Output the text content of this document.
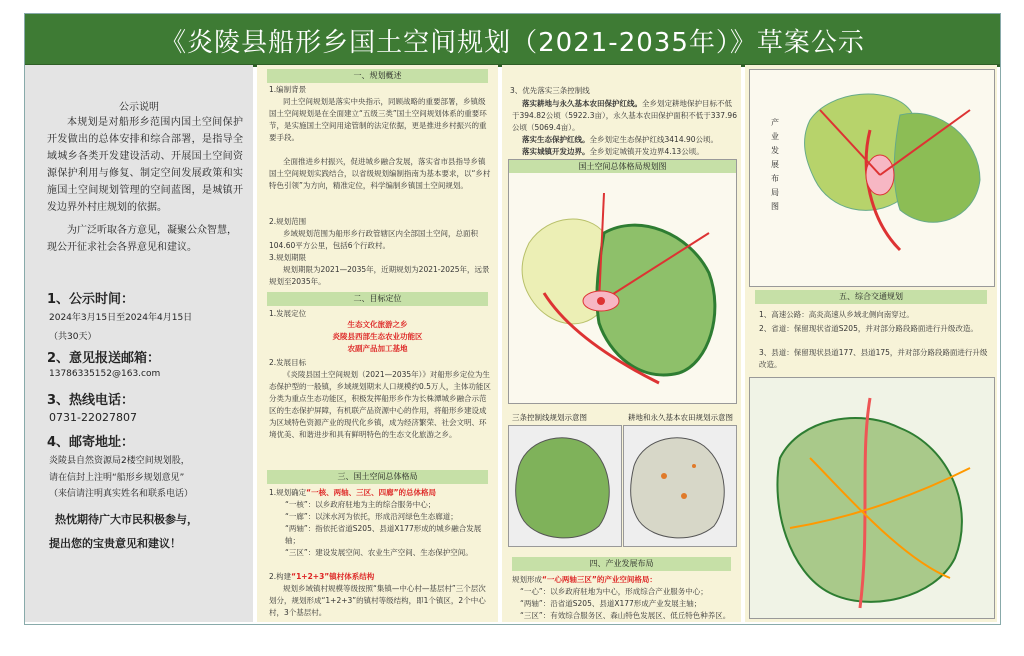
《炎陵县船形乡国土空间规划（2021-2035年）》草案公示
公示说明
本规划是对船形乡范围内国土空间保护开发做出的总体安排和综合部署，是指导全域城乡各类开发建设活动、开展国土空间资源保护利用与修复、制定空间发展政策和实施国土空间规划管理的空间蓝图，是城镇开发边界外村庄规划的依据。
为广泛听取各方意见，凝聚公众智慧，现公开征求社会各界意见和建议。
1、公示时间：
2024年3月15日至2024年4月15日
（共30天）
2、意见报送邮箱：
13786335152@163.com
3、热线电话：
0731-22027807
4、邮寄地址：
炎陵县自然资源局2楼空间规划股，
请在信封上注明“船形乡规划意见”
（来信请注明真实姓名和联系电话）
热忱期待广大市民积极参与，
提出您的宝贵意见和建议！
一、规划概述
1.编制背景
同土空间规划是落实中央指示，同顾战略的重要部署，乡镇级国土空间规划是在全面建立“五级三类”国土空间规划体系的重要环节，是实施国土空间用途管制的法定依据，更是推进乡村振兴的重要手段。
全面推进乡村振兴，促进城乡融合发展，落实省市县指导乡镇国土空间规划实践结合，以省级规划编制指南为基本要求，以“乡村特色引领”为方向，精准定位，科学编制乡镇国土空间规划。
2.规划范围
乡域规划范围为船形乡行政管辖区内全部国土空间，总面积104.60平方公里，包括6个行政村。
3.规划期限
规划期限为2021—2035年，近期规划为2021-2025年，远景规划至2035年。
二、目标定位
1.发展定位
生态文化旅游之乡
炎陵县西部生态农业功能区
农副产品加工基地
2.发展目标
《炎陵县国土空间规划（2021—2035年）》对船形乡定位为生态保护型的一般镇，乡域规划期末人口规模约0.5万人，主体功能区分类为重点生态功能区，积极发挥船形乡作为长株潭城乡融合示范区的生态保护屏障，有机联产品资源中心的作用，将船形乡建设成为区域特色资源产业的现代化乡镇，成为经济繁荣、社会文明、环境优美、和谐进步和具有鲜明特色的生态文化旅游之乡。
三、国土空间总体格局
1.规划确定“一核、两轴、三区、四廊”的总体格局
“一核”：以乡政府驻地为主的综合服务中心；
“一廊”：以洣水河为依托，形成沿河绿色生态廊道；
“两轴”：指依托省道S205、县道X177形成的城乡融合发展轴；
“三区”：建设发展空间、农业生产空间、生态保护空间。
2.构建“1+2+3”镇村体系结构
规划乡域镇村规模等级按照“集镇—中心村—基层村”三个层次划分，规划形成“1+2+3”的镇村等级结构，即1个镇区，2个中心村，3个基层村。
3、优先落实三条控制线
落实耕地与永久基本农田保护红线。全乡划定耕地保护目标不低于394.82公顷（5922.3亩），永久基本农田保护面积不低于337.96公顷（5069.4亩）。
落实生态保护红线。全乡划定生态保护红线3414.90公顷。
落实城镇开发边界。全乡划定城镇开发边界4.13公顷。
国土空间总体格局规划图
三条控制线规划示意图	耕地和永久基本农田规划示意图
四、产业发展布局
规划形成“一心两轴三区”的产业空间格局：
“一心”：以乡政府驻地为中心，形成综合产业服务中心；
“两轴”：沿省道S205、县道X177形成产业发展主轴；
“三区”：有效综合服务区、森山特色发展区、低丘特色种养区。
产业发展布局图
五、综合交通规划
1、高速公路：高炎高速从乡域北侧向南穿过。
2、省道：保留现状省道S205，并对部分路段路面进行升级改造。
3、县道：保留现状县道177、县道175，并对部分路段路面进行升级改造。
